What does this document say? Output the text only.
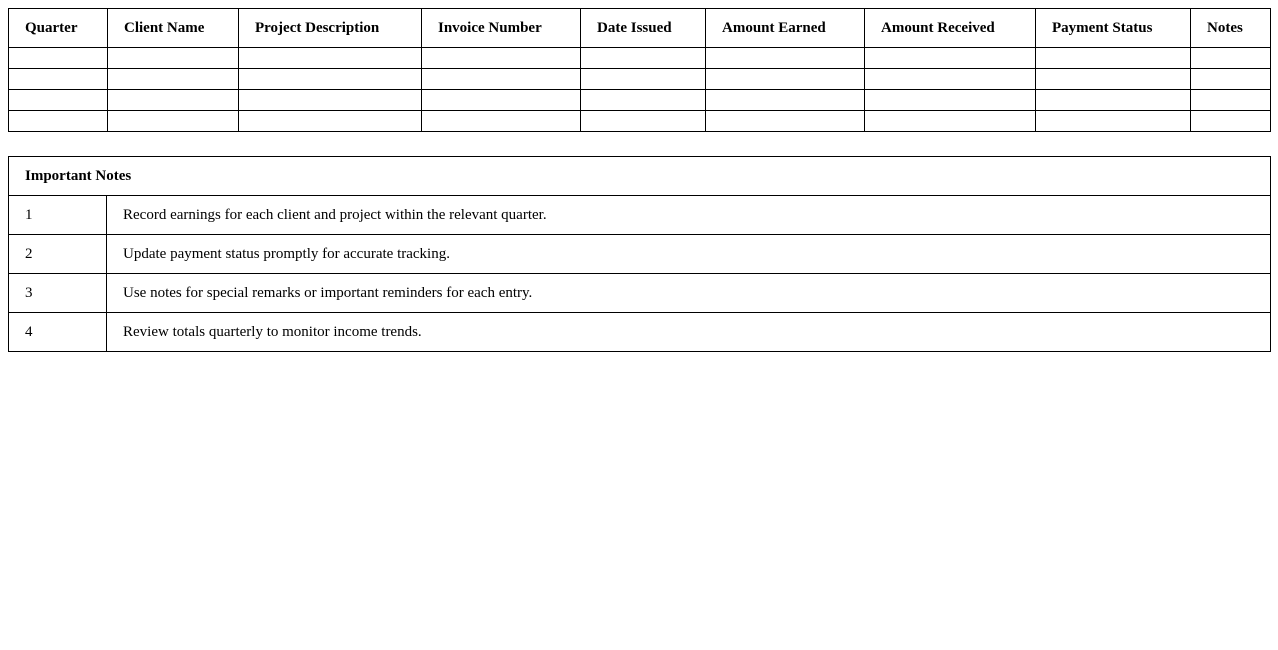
Quarter	Client Name	Project Description	Invoice Number	Date Issued	Amount Earned	Amount Received	Payment Status	Notes

Important Notes	
1	Record earnings for each client and project within the relevant quarter.
2	Update payment status promptly for accurate tracking.
3	Use notes for special remarks or important reminders for each entry.
4	Review totals quarterly to monitor income trends.
